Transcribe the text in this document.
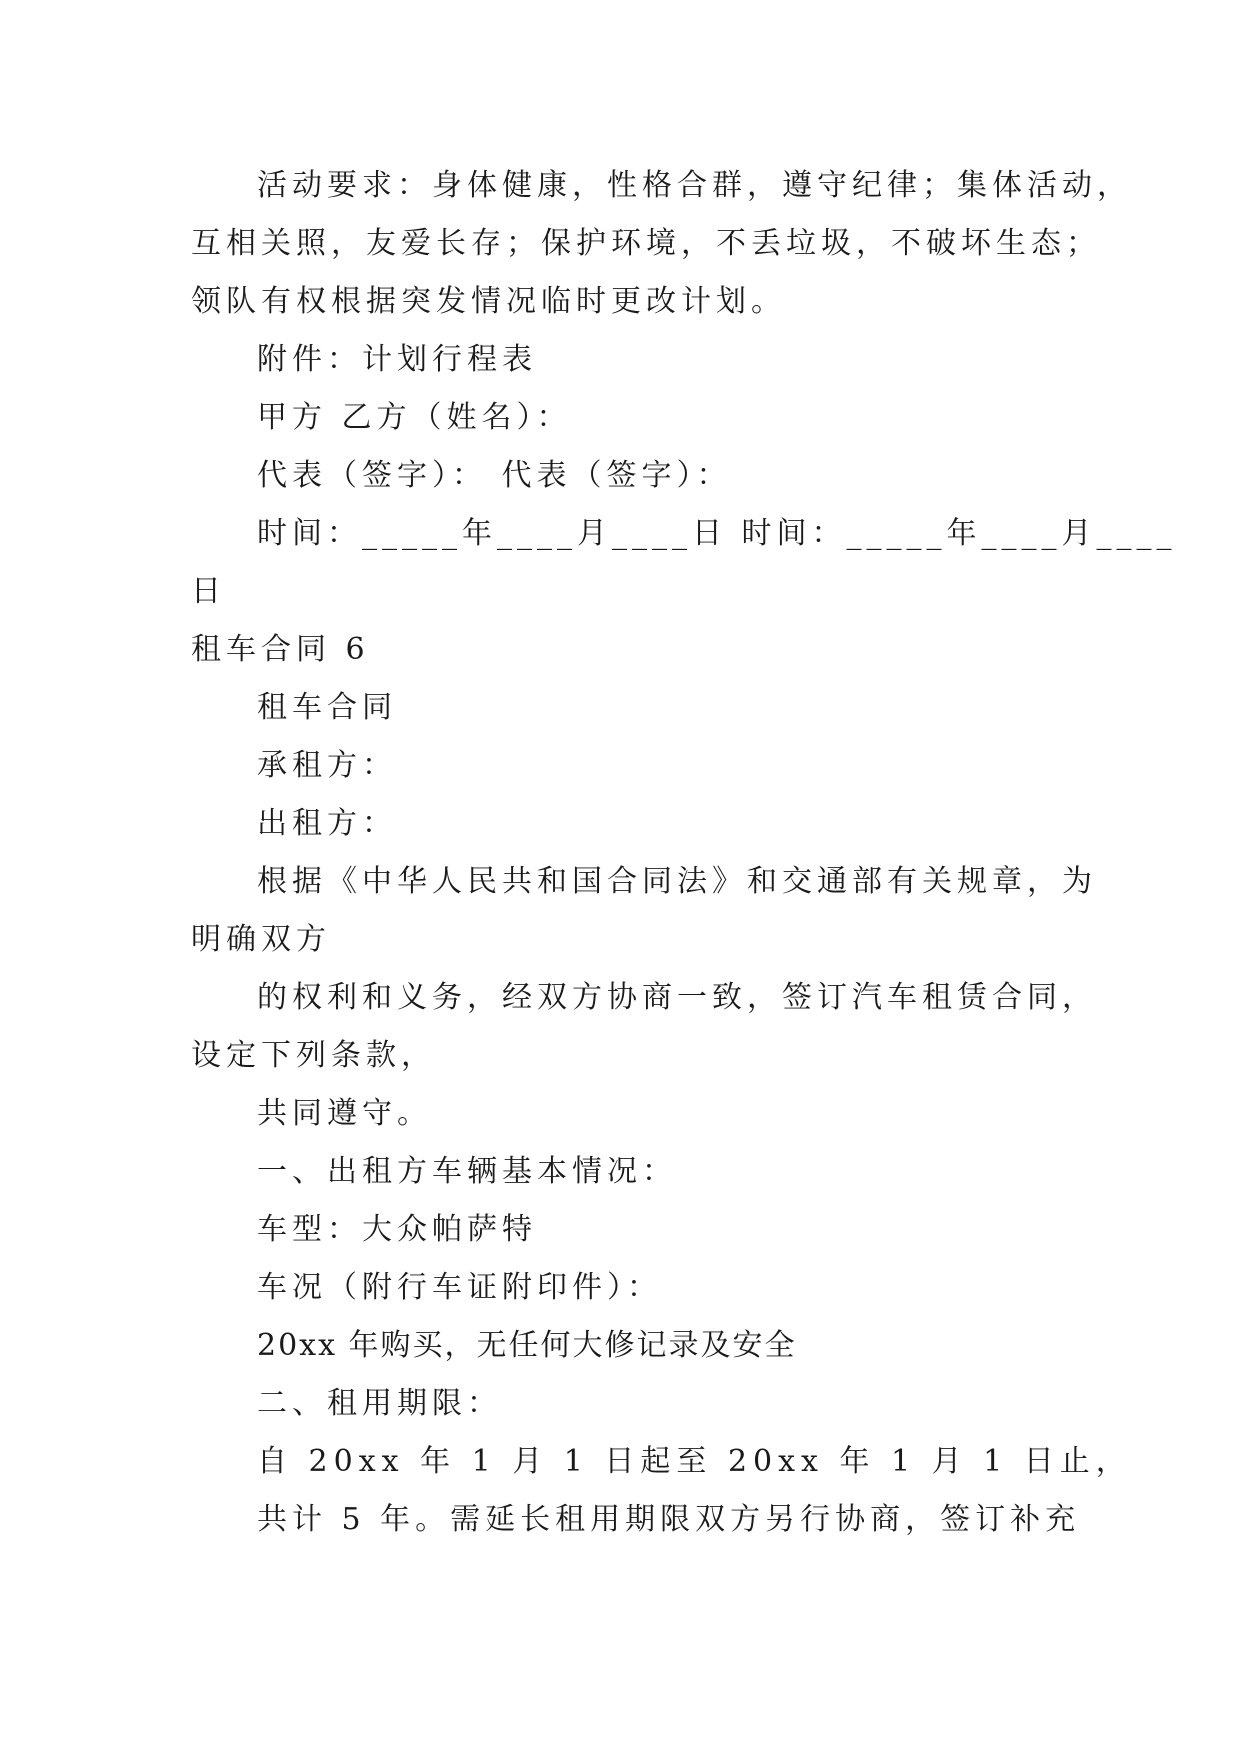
活动要求：身体健康，性格合群，遵守纪律；集体活动，
互相关照，友爱长存；保护环境，不丢垃圾，不破坏生态；
领队有权根据突发情况临时更改计划。
附件：计划行程表
甲方 乙方（姓名）：
代表（签字）： 代表（签字）：
时间：_____年____月____日 时间：_____年____月____
日
租车合同 6
租车合同
承租方：
出租方：
根据《中华人民共和国合同法》和交通部有关规章，为
明确双方
的权利和义务，经双方协商一致，签订汽车租赁合同，
设定下列条款，
共同遵守。
一、出租方车辆基本情况：
车型：大众帕萨特
车况（附行车证附印件）：
20xx 年购买，无任何大修记录及安全
二、租用期限：
自 20xx 年 1 月 1 日起至 20xx 年 1 月 1 日止，
共计 5 年。需延长租用期限双方另行协商，签订补充
